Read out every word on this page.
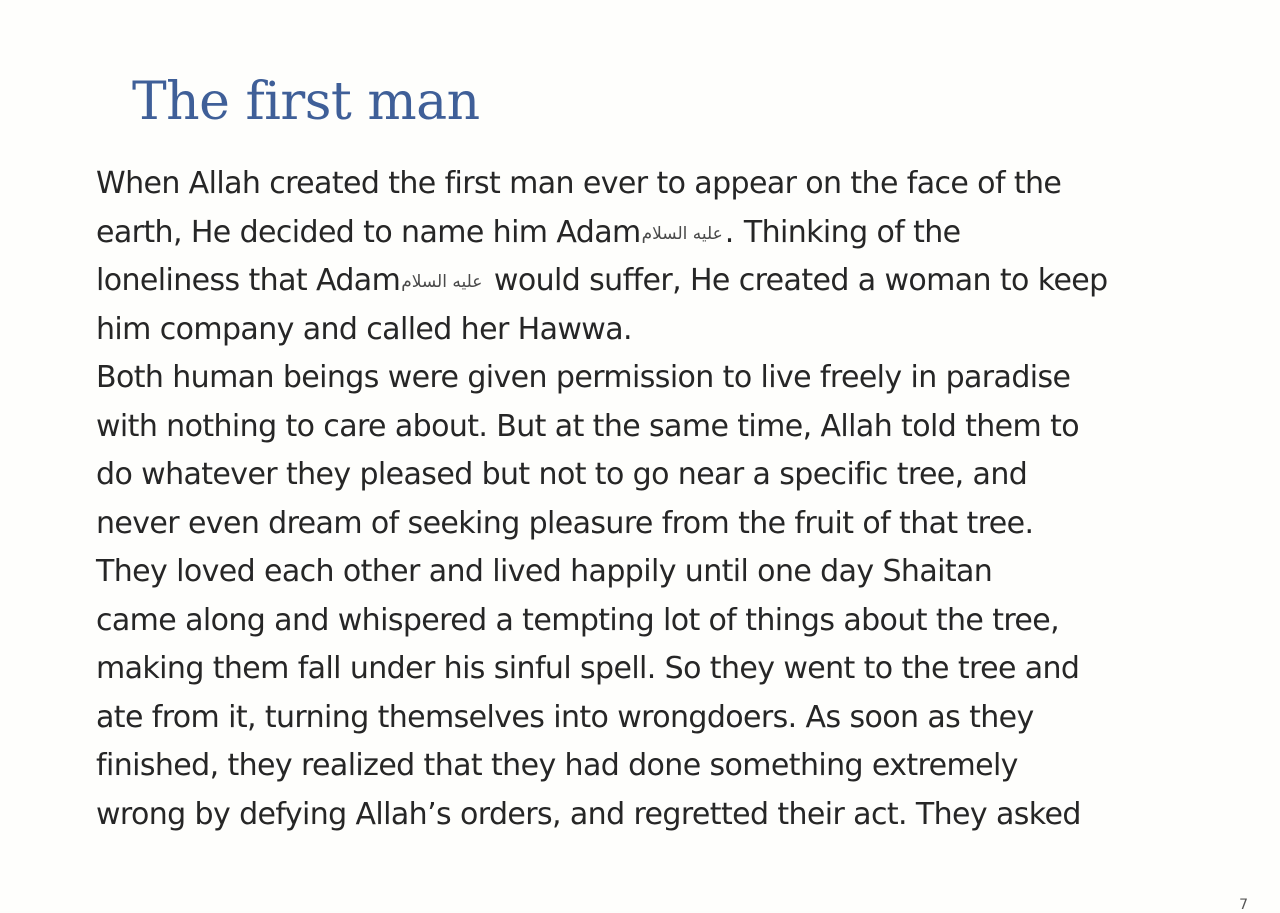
The first man
When Allah created the first man ever to appear on the face of the
earth, He decided to name him Adamعليه السلام. Thinking of the
loneliness that Adamعليه السلام would suffer, He created a woman to keep
him company and called her Hawwa.
Both human beings were given permission to live freely in paradise
with nothing to care about. But at the same time, Allah told them to
do whatever they pleased but not to go near a specific tree, and
never even dream of seeking pleasure from the fruit of that tree.
They loved each other and lived happily until one day Shaitan
came along and whispered a tempting lot of things about the tree,
making them fall under his sinful spell. So they went to the tree and
ate from it, turning themselves into wrongdoers. As soon as they
finished, they realized that they had done something extremely
wrong by defying Allah’s orders, and regretted their act. They asked
7
